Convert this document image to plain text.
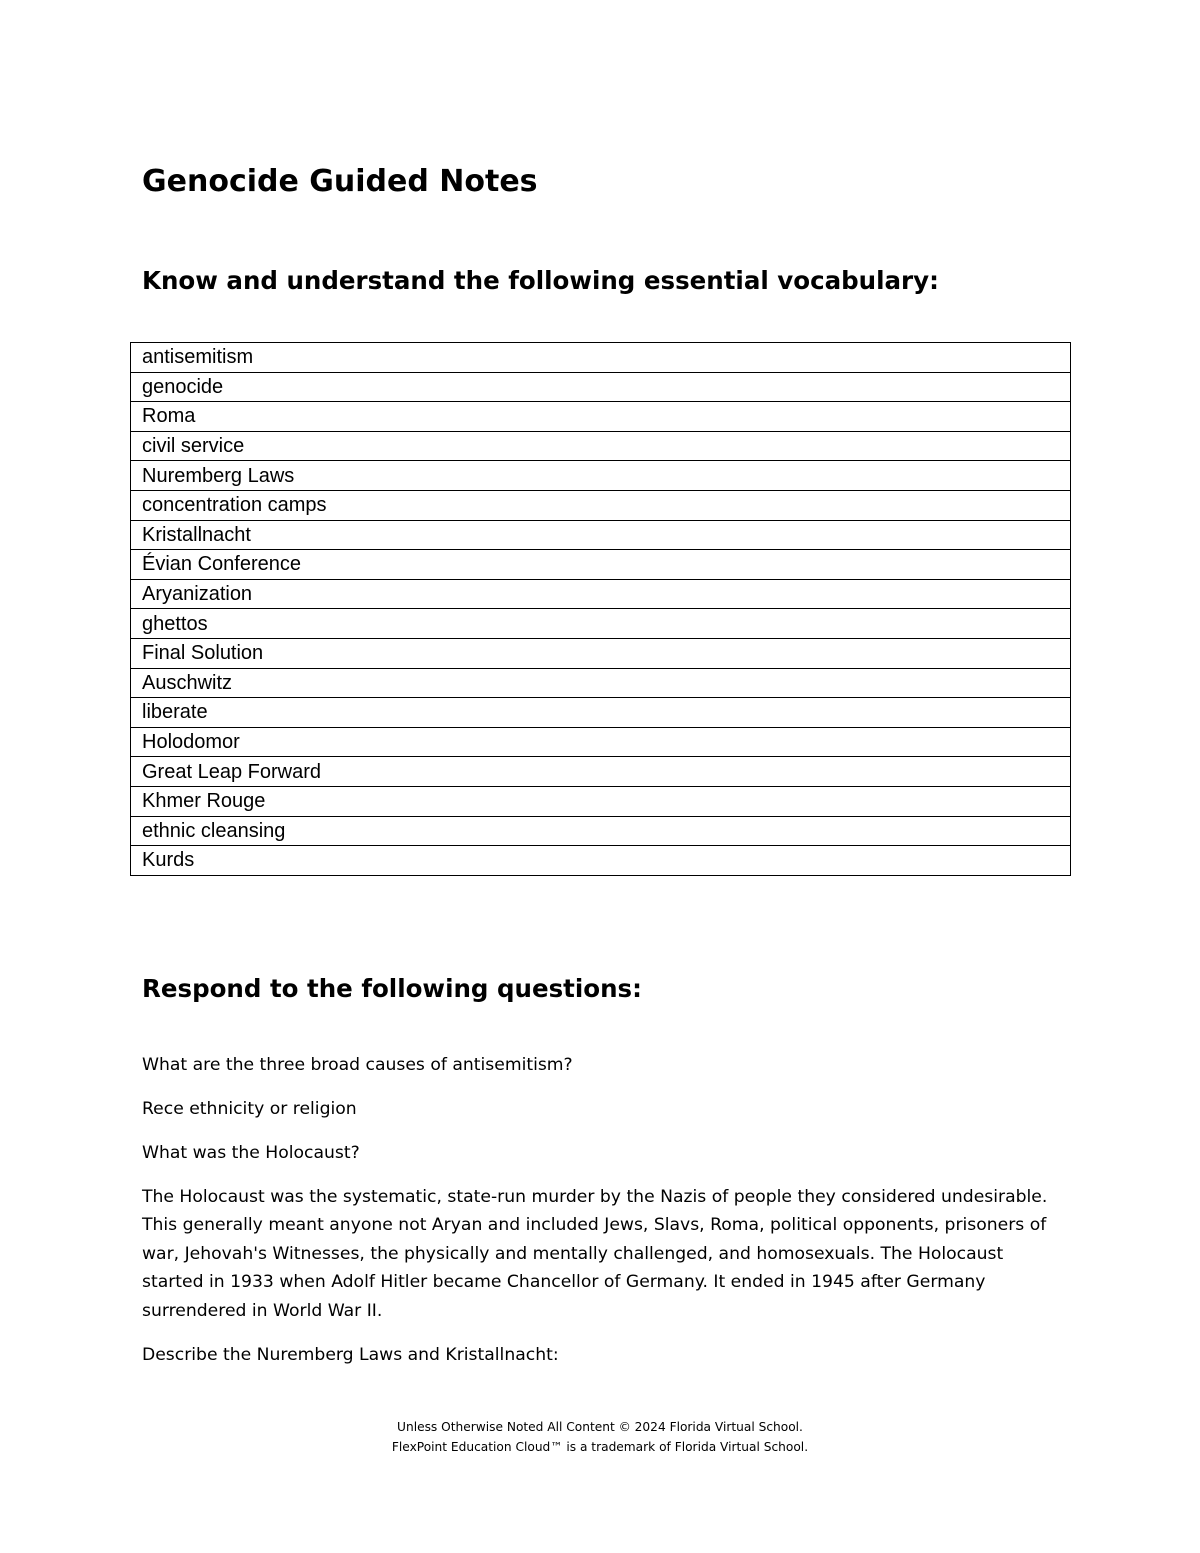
Genocide Guided Notes
Know and understand the following essential vocabulary:
antisemitism
genocide
Roma
civil service
Nuremberg Laws
concentration camps
Kristallnacht
Évian Conference
Aryanization
ghettos
Final Solution
Auschwitz
liberate
Holodomor
Great Leap Forward
Khmer Rouge
ethnic cleansing
Kurds
Respond to the following questions:

What are the three broad causes of antisemitism?

Rece ethnicity or religion

What was the Holocaust?

The Holocaust was the systematic, state-run murder by the Nazis of people they considered undesirable. This generally meant anyone not Aryan and included Jews, Slavs, Roma, political opponents, prisoners of war, Jehovah's Witnesses, the physically and mentally challenged, and homosexuals. The Holocaust started in 1933 when Adolf Hitler became Chancellor of Germany. It ended in 1945 after Germany surrendered in World War II.

Describe the Nuremberg Laws and Kristallnacht:

Unless Otherwise Noted All Content © 2024 Florida Virtual School.

FlexPoint Education Cloud™ is a trademark of Florida Virtual School.
